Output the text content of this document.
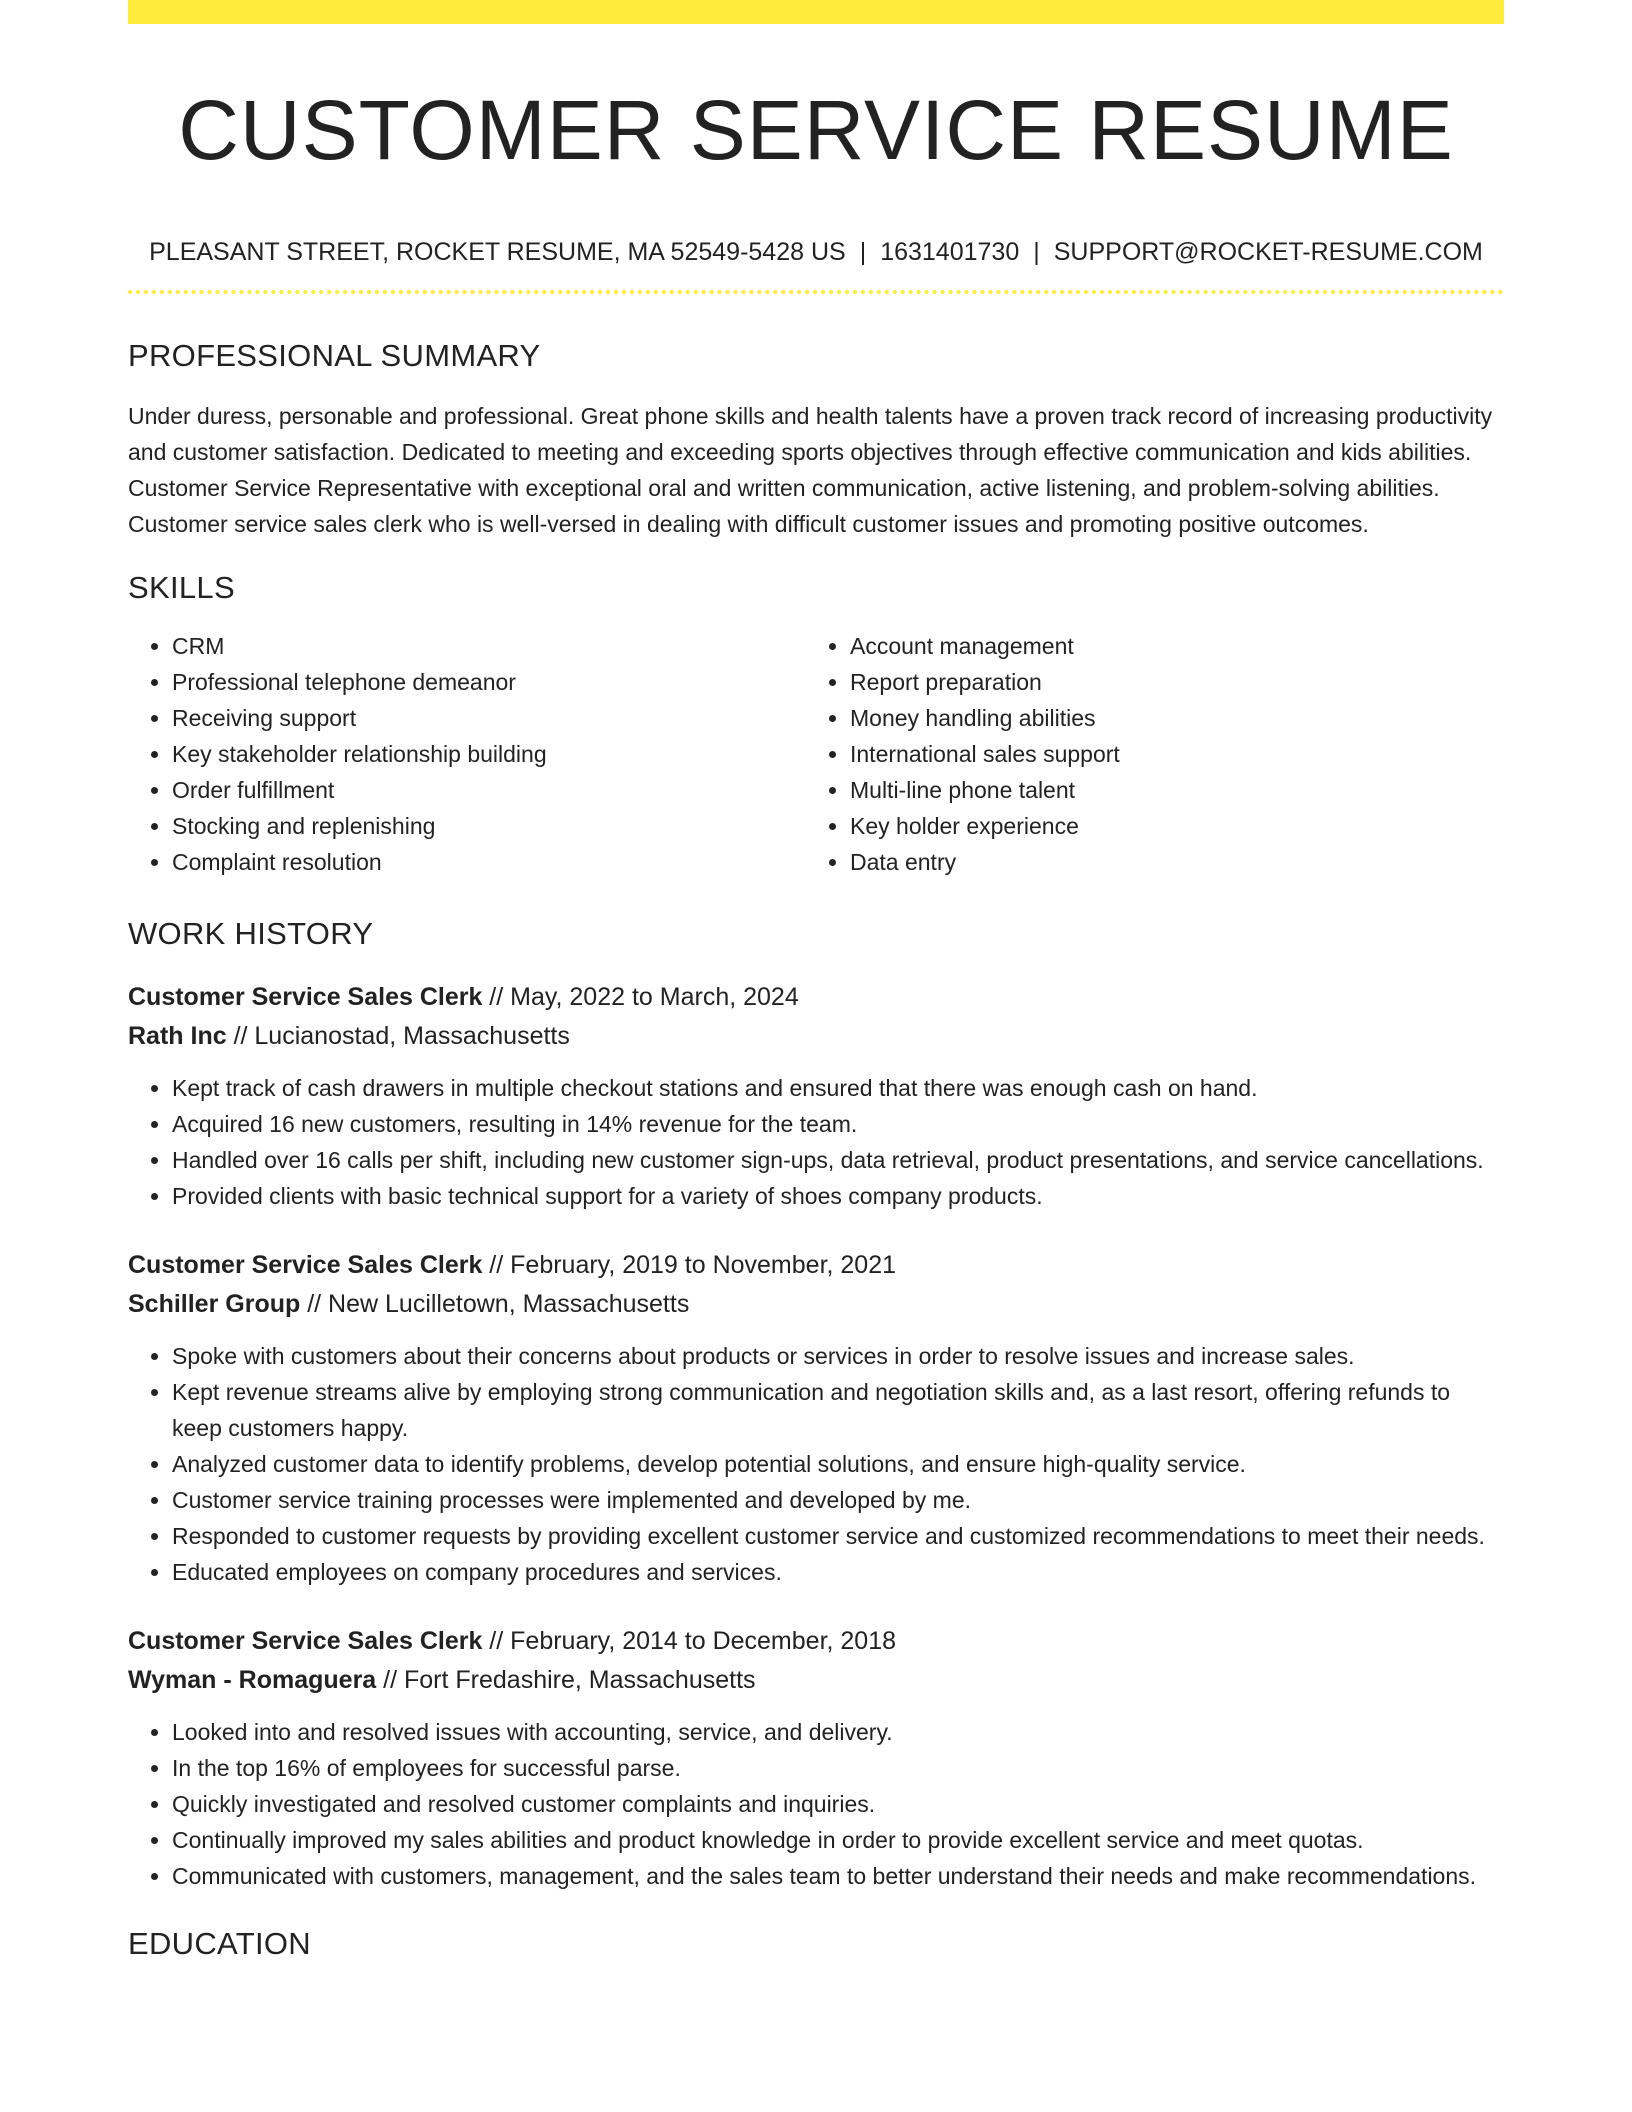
CUSTOMER SERVICE RESUME
PLEASANT STREET, ROCKET RESUME, MA 52549-5428 US | 1631401730 | SUPPORT@ROCKET-RESUME.COM
PROFESSIONAL SUMMARY

Under duress, personable and professional. Great phone skills and health talents have a proven track record of increasing productivity and customer satisfaction. Dedicated to meeting and exceeding sports objectives through effective communication and kids abilities. Customer Service Representative with exceptional oral and written communication, active listening, and problem-solving abilities. Customer service sales clerk who is well-versed in dealing with difficult customer issues and promoting positive outcomes.

SKILLS
• CRM
• Professional telephone demeanor
• Receiving support
• Key stakeholder relationship building
• Order fulfillment
• Stocking and replenishing
• Complaint resolution
• Account management
• Report preparation
• Money handling abilities
• International sales support
• Multi-line phone talent
• Key holder experience
• Data entry
WORK HISTORY
Customer Service Sales Clerk // May, 2022 to March, 2024
Rath Inc // Lucianostad, Massachusetts
• Kept track of cash drawers in multiple checkout stations and ensured that there was enough cash on hand.
• Acquired 16 new customers, resulting in 14% revenue for the team.
• Handled over 16 calls per shift, including new customer sign-ups, data retrieval, product presentations, and service cancellations.
• Provided clients with basic technical support for a variety of shoes company products.
Customer Service Sales Clerk // February, 2019 to November, 2021
Schiller Group // New Lucilletown, Massachusetts
• Spoke with customers about their concerns about products or services in order to resolve issues and increase sales.
• Kept revenue streams alive by employing strong communication and negotiation skills and, as a last resort, offering refunds to keep customers happy.
• Analyzed customer data to identify problems, develop potential solutions, and ensure high-quality service.
• Customer service training processes were implemented and developed by me.
• Responded to customer requests by providing excellent customer service and customized recommendations to meet their needs.
• Educated employees on company procedures and services.
Customer Service Sales Clerk // February, 2014 to December, 2018
Wyman - Romaguera // Fort Fredashire, Massachusetts
• Looked into and resolved issues with accounting, service, and delivery.
• In the top 16% of employees for successful parse.
• Quickly investigated and resolved customer complaints and inquiries.
• Continually improved my sales abilities and product knowledge in order to provide excellent service and meet quotas.
• Communicated with customers, management, and the sales team to better understand their needs and make recommendations.
EDUCATION
